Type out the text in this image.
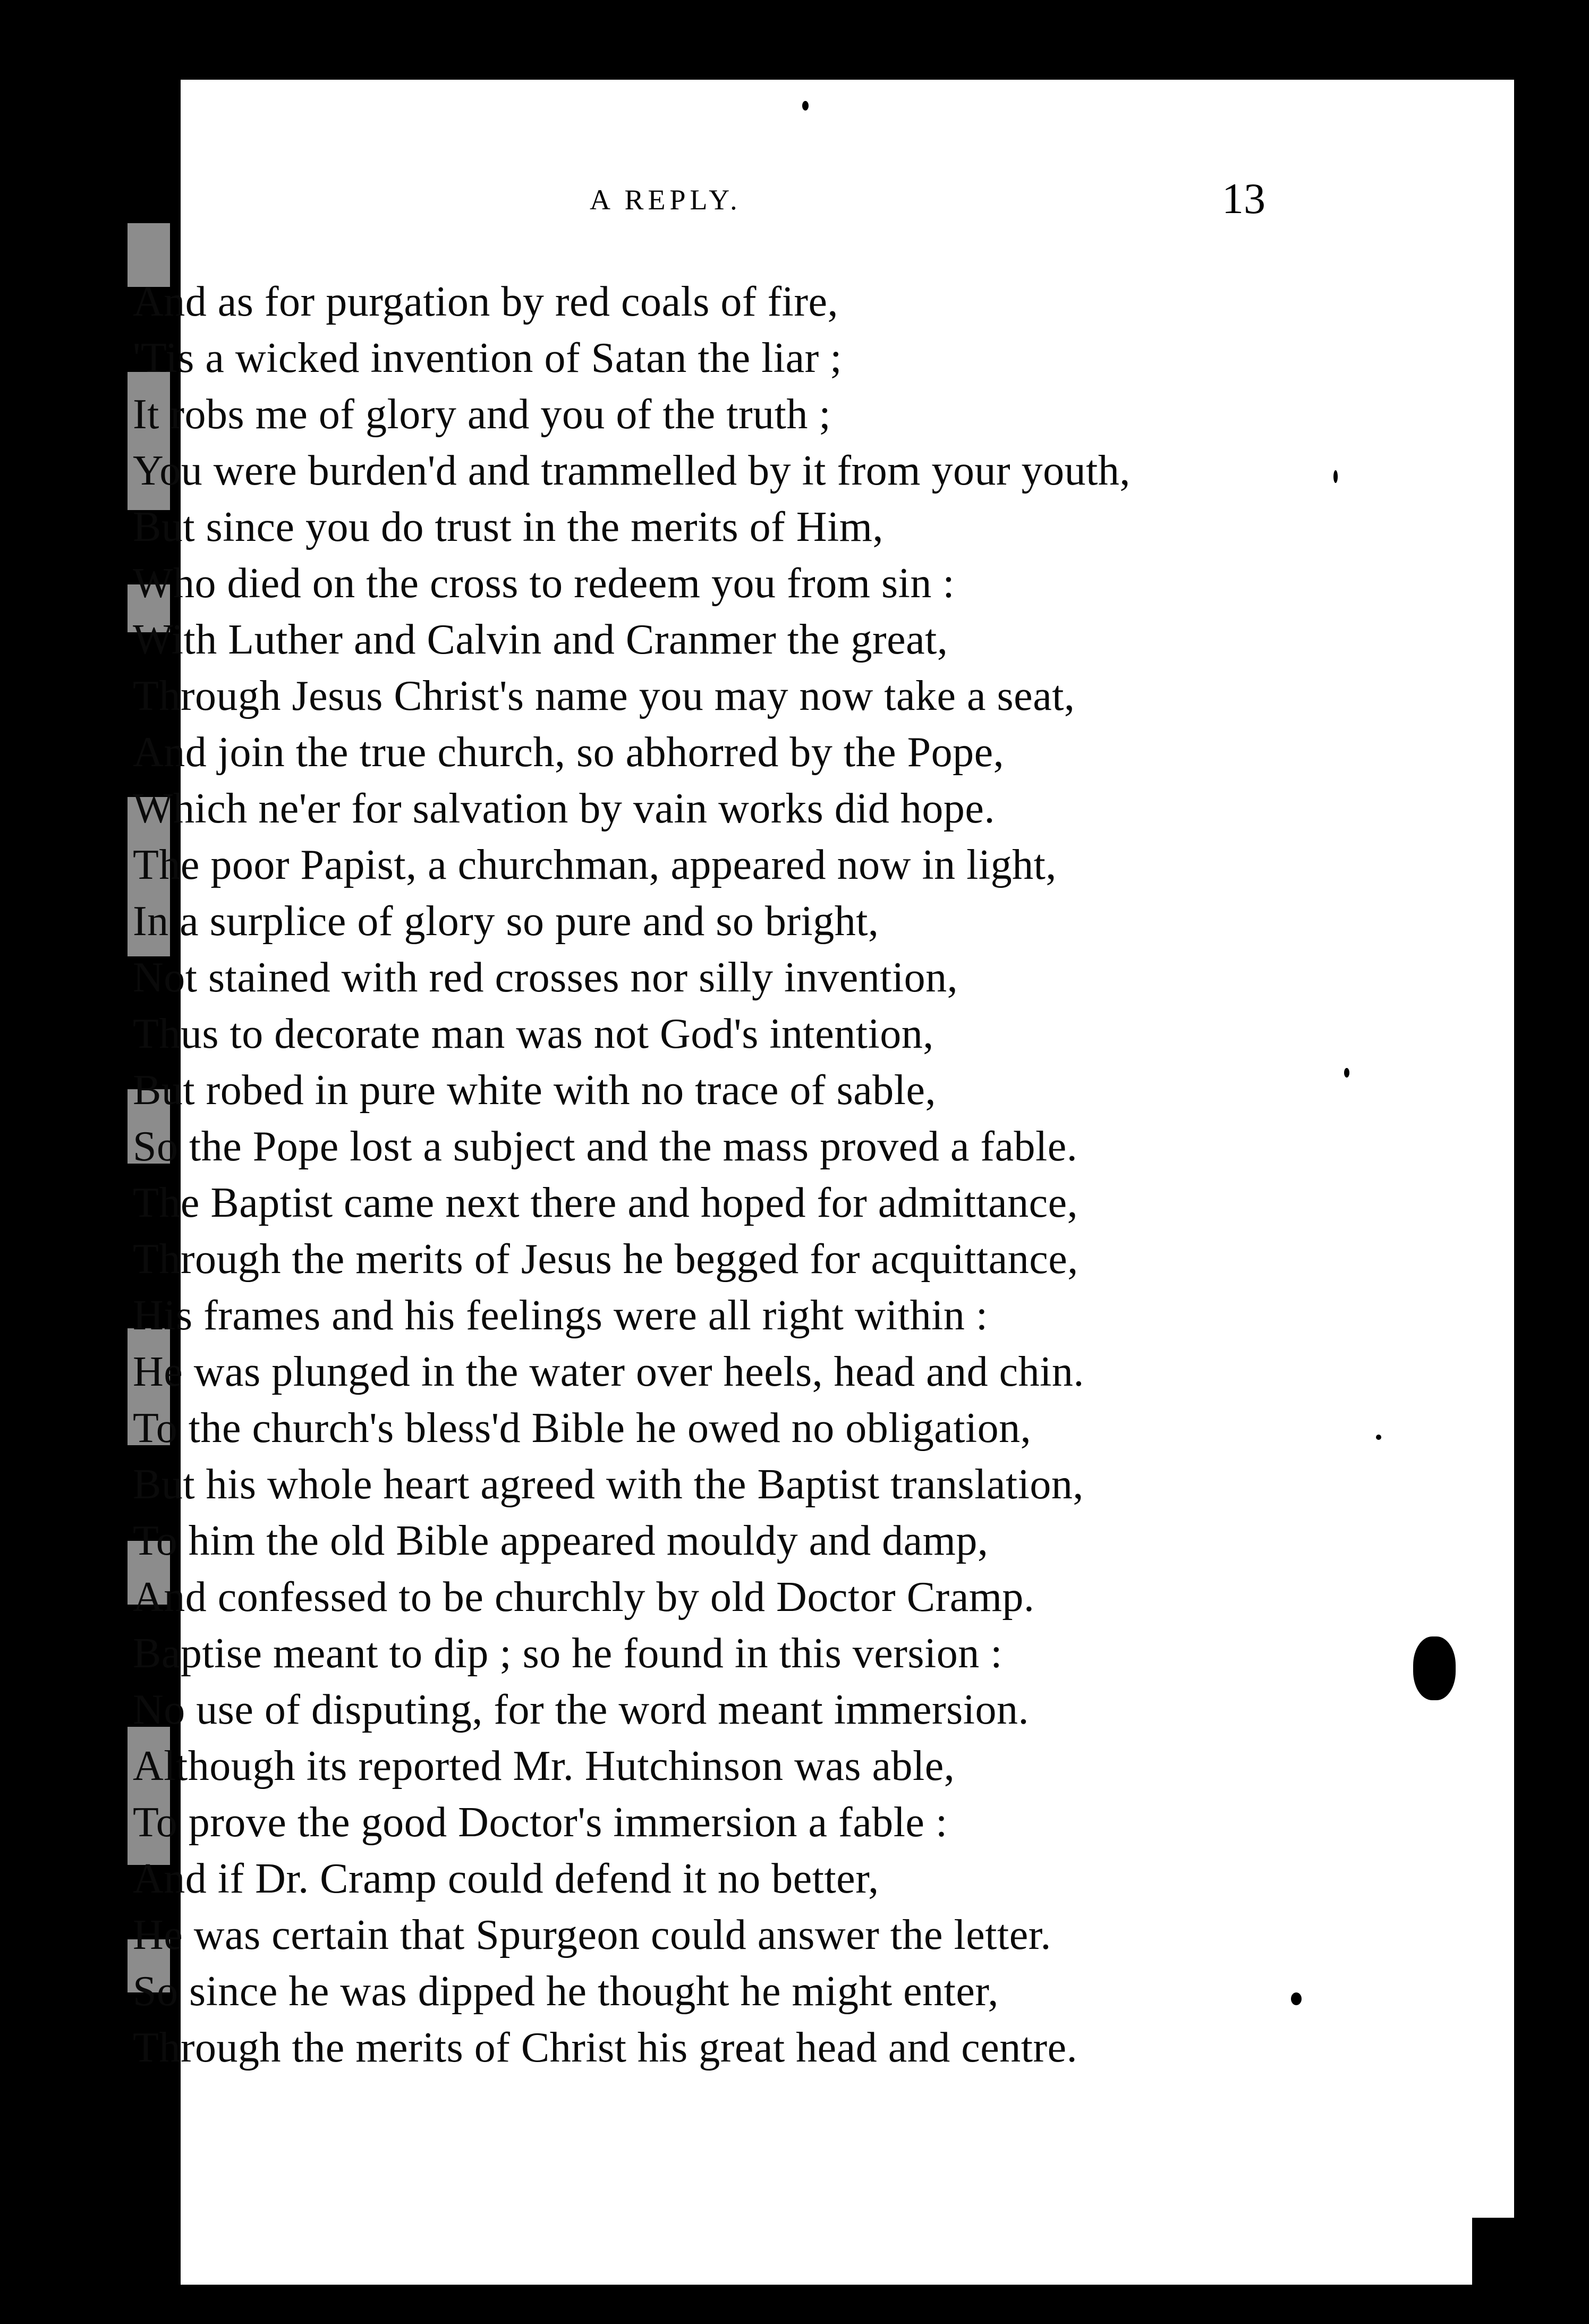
A REPLY.	13
And as for purgation by red coals of fire,
'Tis a wicked invention of Satan the liar ;
It robs me of glory and you of the truth ;
You were burden'd and trammelled by it from your youth,
But since you do trust in the merits of Him,
Who died on the cross to redeem you from sin :
With Luther and Calvin and Cranmer the great,
Through Jesus Christ's name you may now take a seat,
And join the true church, so abhorred by the Pope,
Which ne'er for salvation by vain works did hope.
The poor Papist, a churchman, appeared now in light,
In a surplice of glory so pure and so bright,
Not stained with red crosses nor silly invention,
Thus to decorate man was not God's intention,
But robed in pure white with no trace of sable,
So the Pope lost a subject and the mass proved a fable.
The Baptist came next there and hoped for admittance,
Through the merits of Jesus he begged for acquittance,
His frames and his feelings were all right within :
He was plunged in the water over heels, head and chin.
To the church's bless'd Bible he owed no obligation,
But his whole heart agreed with the Baptist translation,
To him the old Bible appeared mouldy and damp,
And confessed to be churchly by old Doctor Cramp.
Baptise meant to dip ; so he found in this version :
No use of disputing, for the word meant immersion.
Although its reported Mr. Hutchinson was able,
To prove the good Doctor's immersion a fable :
And if Dr. Cramp could defend it no better,
He was certain that Spurgeon could answer the letter.
So since he was dipped he thought he might enter,
Through the merits of Christ his great head and centre.
